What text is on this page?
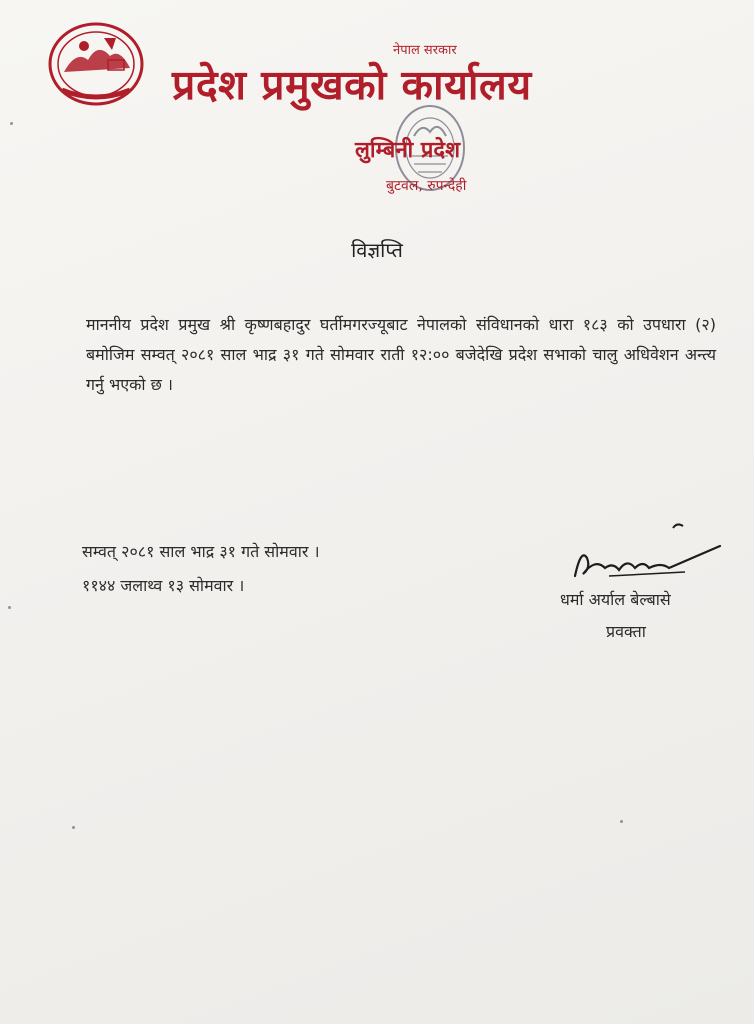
नेपाल सरकार
प्रदेश प्रमुखको कार्यालय
लुम्बिनी प्रदेश
बुटवल, रुपन्देही
विज्ञप्ति
माननीय प्रदेश प्रमुख श्री कृष्णबहादुर घर्तीमगरज्यूबाट नेपालको संविधानको धारा १८३ को उपधारा (२) बमोजिम सम्वत् २०८१ साल भाद्र ३१ गते सोमवार राती १२:०० बजेदेखि प्रदेश सभाको चालु अधिवेशन अन्त्य गर्नु भएको छ ।
सम्वत् २०८१ साल भाद्र ३१ गते सोमवार ।
११४४ जलाथ्व १३ सोमवार ।
धर्मा अर्याल बेल्बासे
प्रवक्ता
